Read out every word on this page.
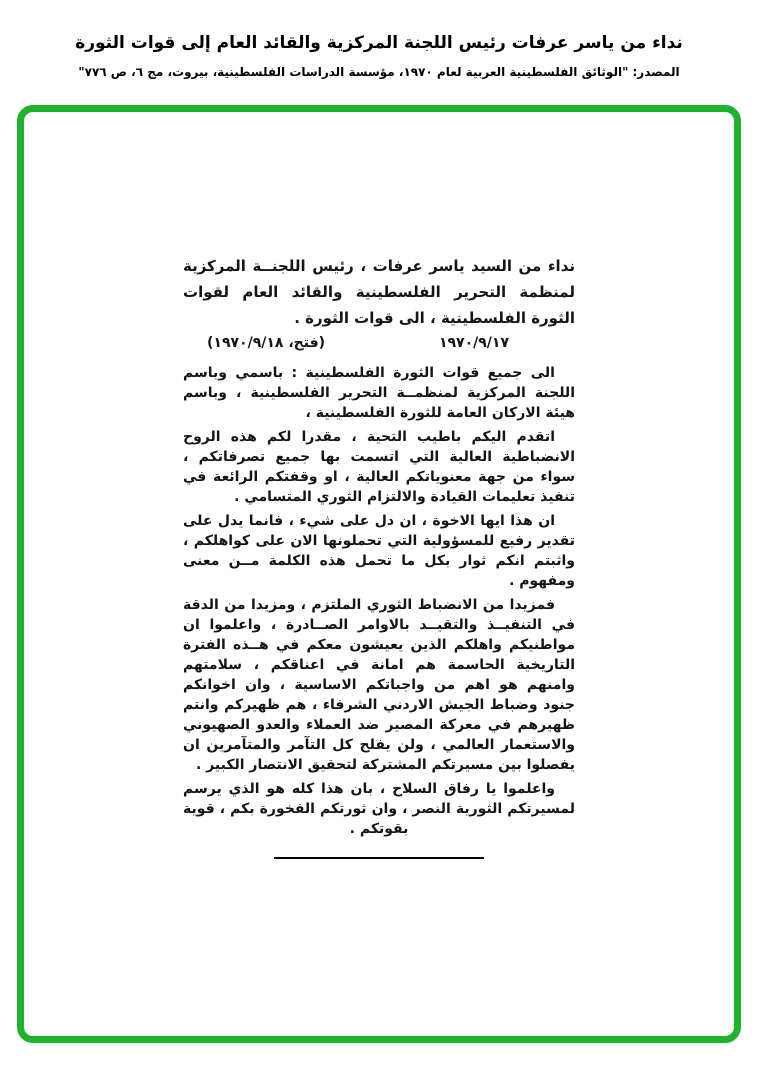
نداء من ياسر عرفات رئيس اللجنة المركزية والقائد العام إلى قوات الثورة
المصدر: "الوثائق الفلسطينية العربية لعام ١٩٧٠، مؤسسة الدراسات الفلسطينية، بيروت، مج ٦، ص ٧٧٦"

نداء من السيد ياسر عرفات ، رئيس اللجنــة المركزية لمنظمة التحرير الفلسطينية والقائد العام لقوات الثورة الفلسطينية ، الى قوات الثورة .

١٩٧٠/٩/١٧
(فتح، ١٩٧٠/٩/١٨)

الى جميع قوات الثورة الفلسطينية : باسمي وباسم اللجنة المركزية لمنظمــة التحرير الفلسطينية ، وباسم هيئة الاركان العامة للثورة الفلسطينية ،

اتقدم اليكم باطيب التحية ، مقدرا لكم هذه الروح الانضباطية العالية التي اتسمت بها جميع تصرفاتكم ، سواء من جهة معنوياتكم العالية ، او وقفتكم الرائعة في تنفيذ تعليمات القيادة والالتزام الثوري المتسامي .

ان هذا ايها الاخوة ، ان دل على شيء ، فانما يدل على تقدير رفيع للمسؤولية التي تحملونها الان على كواهلكم ، واثبتم انكم ثوار بكل ما تحمل هذه الكلمة مــن معنى ومفهوم .

فمزيدا من الانضباط الثوري الملتزم ، ومزيدا من الدقة في التنفيــذ والتقيــد بالاوامر الصــادرة ، واعلموا ان مواطنيكم واهلكم الذين يعيشون معكم في هــذه الفترة التاريخية الحاسمة هم امانة في اعناقكم ، سلامتهم وامنهم هو اهم من واجباتكم الاساسية ، وان اخوانكم جنود وضباط الجيش الاردني الشرفاء ، هم ظهيركم وانتم ظهيرهم في معركة المصير ضد العملاء والعدو الصهيوني والاستعمار العالمي ، ولن يفلح كل التآمر والمتآمرين ان يفصلوا بين مسيرتكم المشتركة لتحقيق الانتصار الكبير .

واعلموا يا رفاق السلاح ، بان هذا كله هو الذي يرسم لمسيرتكم الثورية النصر ، وان ثورتكم الفخورة بكم ، قوية بقوتكم .
